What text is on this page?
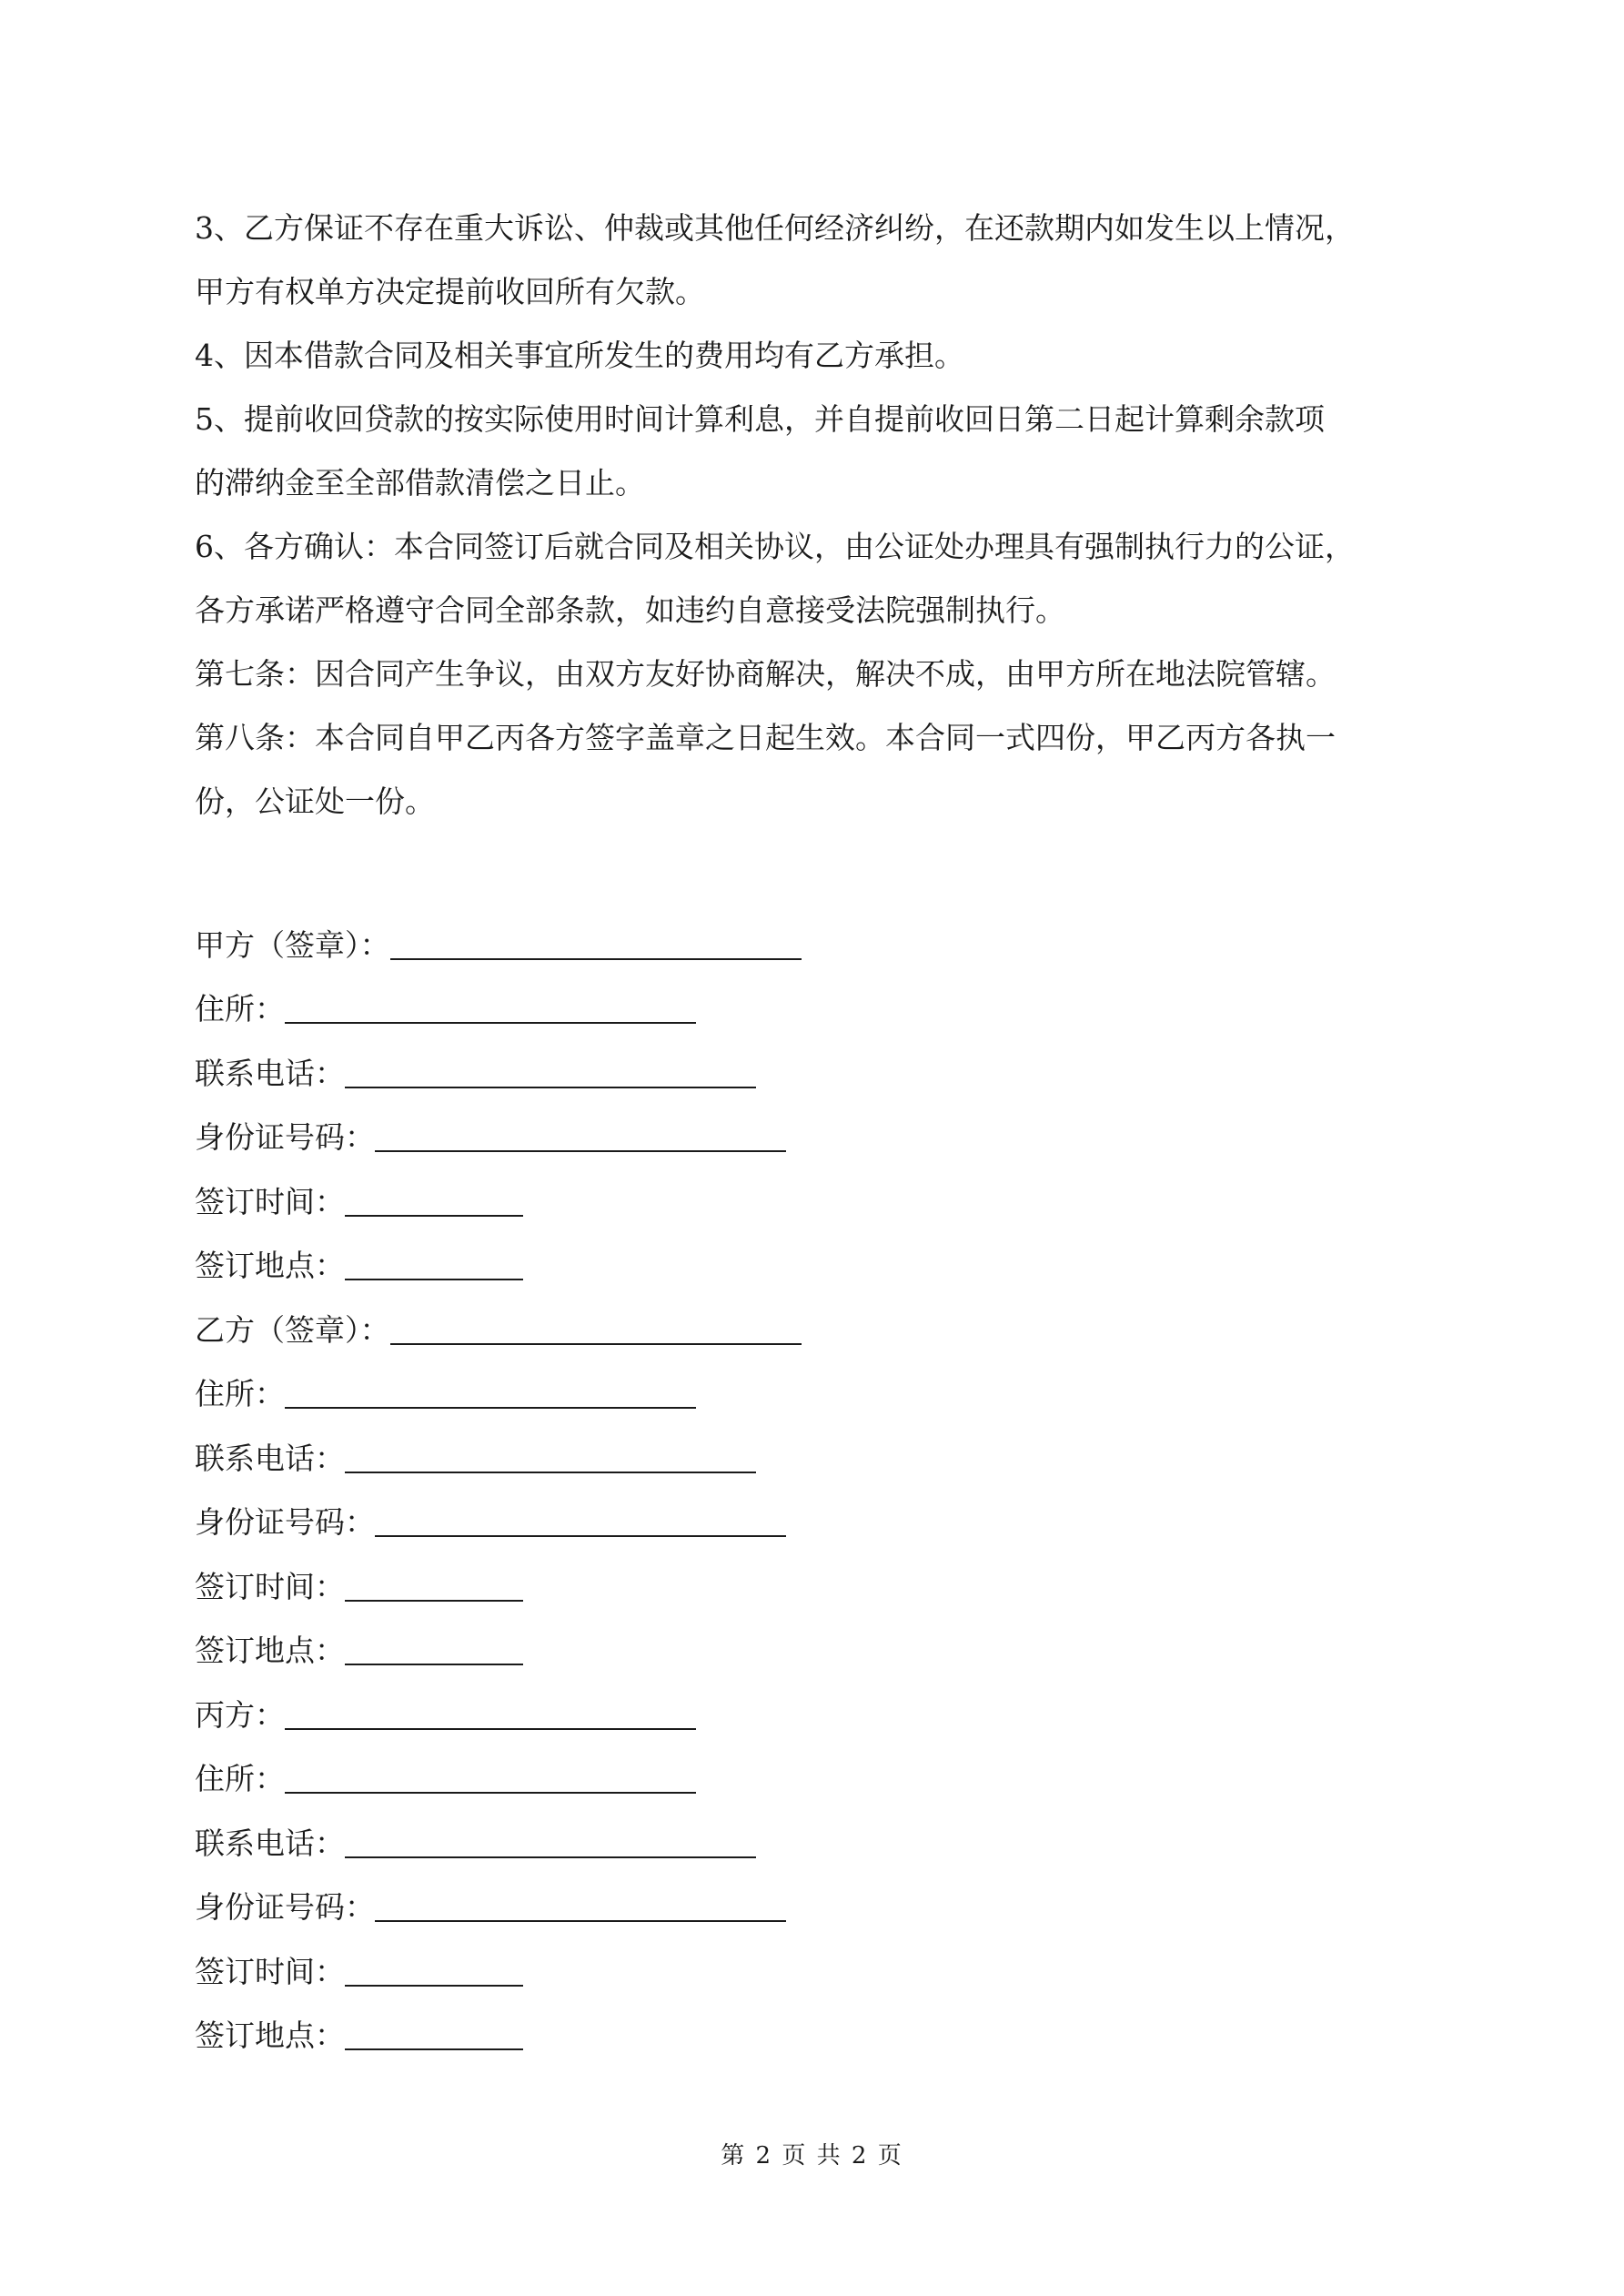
3、乙方保证不存在重大诉讼、仲裁或其他任何经济纠纷，在还款期内如发生以上情况，

甲方有权单方决定提前收回所有欠款。

4、因本借款合同及相关事宜所发生的费用均有乙方承担。

5、提前收回贷款的按实际使用时间计算利息，并自提前收回日第二日起计算剩余款项

的滞纳金至全部借款清偿之日止。

6、各方确认：本合同签订后就合同及相关协议，由公证处办理具有强制执行力的公证，

各方承诺严格遵守合同全部条款，如违约自意接受法院强制执行。

第七条：因合同产生争议，由双方友好协商解决，解决不成，由甲方所在地法院管辖。

第八条：本合同自甲乙丙各方签字盖章之日起生效。本合同一式四份，甲乙丙方各执一

份，公证处一份。

甲方（签章）：
住所：
联系电话：
身份证号码：
签订时间：
签订地点：
乙方（签章）：
住所：
联系电话：
身份证号码：
签订时间：
签订地点：
丙方：
住所：
联系电话：
身份证号码：
签订时间：
签订地点：
第 2 页 共 2 页
